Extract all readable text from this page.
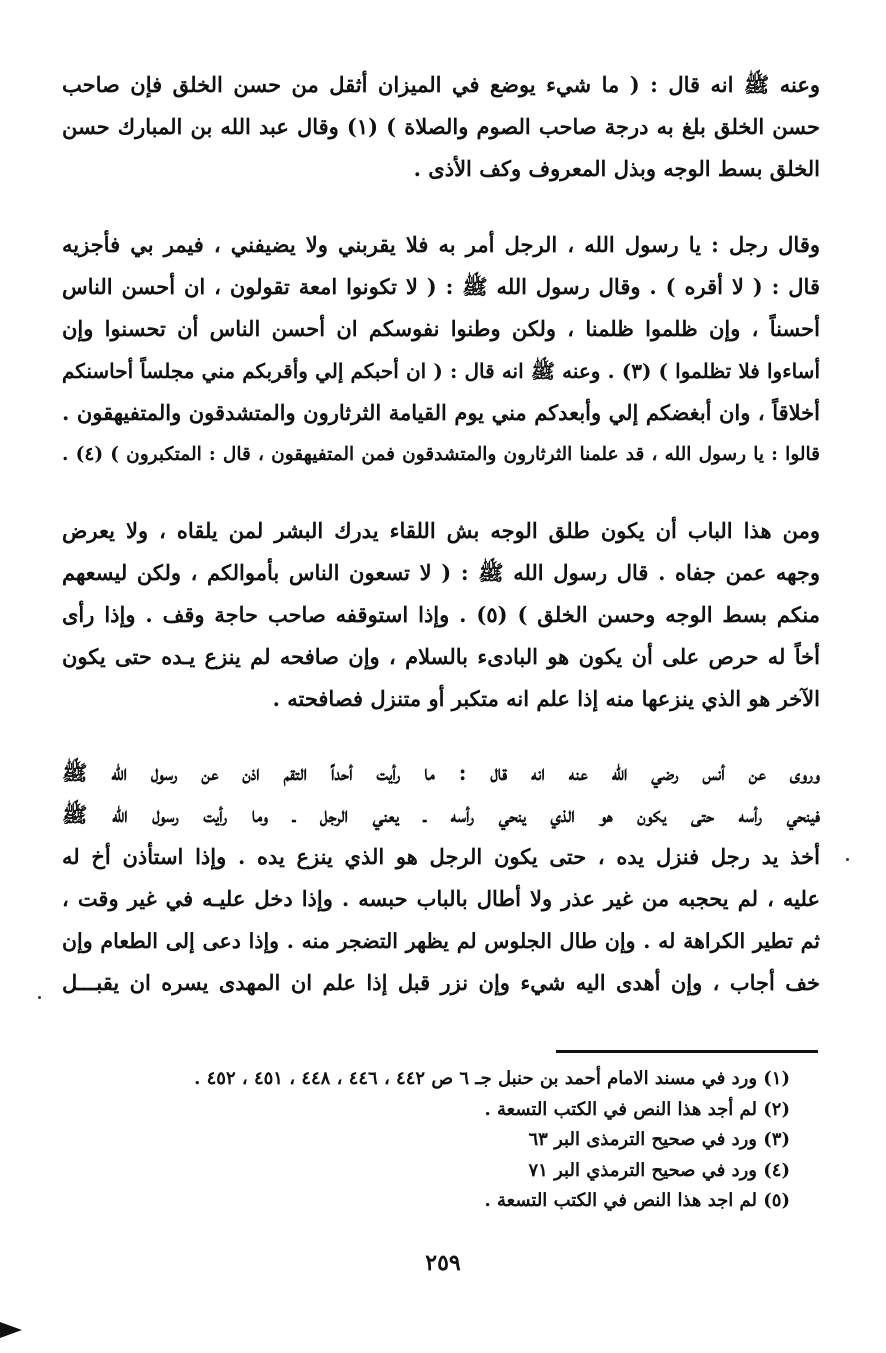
وعنه ﷺ انه قال : ( ما شيء يوضع في الميزان أثقل من حسن الخلق فإن صاحب
حسن الخلق بلغ به درجة صاحب الصوم والصلاة ) (١) وقال عبد الله بن المبارك حسن
الخلق بسط الوجه وبذل المعروف وكف الأذى .

وقال رجل : يا رسول الله ، الرجل أمر به فلا يقربني ولا يضيفني ، فيمر بي فأجزيه
قال : ( لا أقره ) . وقال رسول الله ﷺ : ( لا تكونوا امعة تقولون ، ان أحسن الناس
أحسناً ، وإن ظلموا ظلمنا ، ولكن وطنوا نفوسكم ان أحسن الناس أن تحسنوا وإن
أساءوا فلا تظلموا ) (٣) . وعنه ﷺ انه قال : ( ان أحبكم إلي وأقربكم مني مجلساً أحاسنكم
أخلاقاً ، وان أبغضكم إلي وأبعدكم مني يوم القيامة الثرثارون والمتشدقون والمتفيهقون .
قالوا : يا رسول الله ، قد علمنا الثرثارون والمتشدقون فمن المتفيهقون ، قال : المتكبرون ) (٤) .

ومن هذا الباب أن يكون طلق الوجه بش اللقاء يدرك البشر لمن يلقاه ، ولا يعرض
وجهه عمن جفاه . قال رسول الله ﷺ : ( لا تسعون الناس بأموالكم ، ولكن ليسعهم
منكم بسط الوجه وحسن الخلق ) (٥) . وإذا استوقفه صاحب حاجة وقف . وإذا رأى
أخاً له حرص على أن يكون هو البادىء بالسلام ، وإن صافحه لم ينزع يـده حتى يكون
الآخر هو الذي ينزعها منه إذا علم انه متكبر أو متنزل فصافحته .

وروى عن أنس رضي الله عنه انه قال : ما رأيت أحداً التقم اذن عن رسول الله ﷺ
فينحي رأسه حتى يكون هو الذي ينحي رأسه ـ يعني الرجل ـ وما رأيت رسول الله ﷺ
أخذ يد رجل فنزل يده ، حتى يكون الرجل هو الذي ينزع يده . وإذا استأذن أخ له
عليه ، لم يحجبه من غير عذر ولا أطال بالباب حبسه . وإذا دخل عليـه في غير وقت ،
ثم تطير الكراهة له . وإن طال الجلوس لم يظهر التضجر منه . وإذا دعى إلى الطعام وإن
خف أجاب ، وإن أهدى اليه شيء وإن نزر قبل إذا علم ان المهدى يسره ان يقبـــل

(١) ورد في مسند الامام أحمد بن حنبل جـ ٦ ص ٤٤٢ ، ٤٤٦ ، ٤٤٨ ، ٤٥١ ، ٤٥٢ .
(٢) لم أجد هذا النص في الكتب التسعة .
(٣) ورد في صحيح الترمذى البر ٦٣
(٤) ورد في صحيح الترمذي البر ٧١
(٥) لم اجد هذا النص في الكتب التسعة .
٢٥٩
